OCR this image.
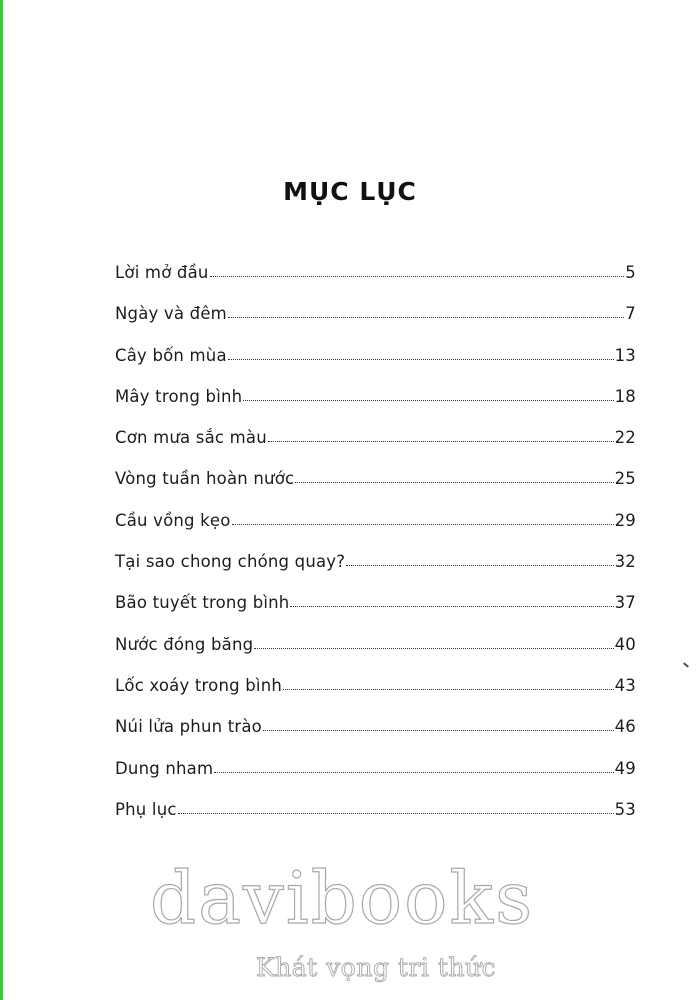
MỤC LỤC
Lời mở đầu	5
Ngày và đêm	7
Cây bốn mùa	13
Mây trong bình	18
Cơn mưa sắc màu	22
Vòng tuần hoàn nước	25
Cầu vồng kẹo	29
Tại sao chong chóng quay?	32
Bão tuyết trong bình	37
Nước đóng băng	40
Lốc xoáy trong bình	43
Núi lửa phun trào	46
Dung nham	49
Phụ lục	53
davibooks
Khát vọng tri thức
